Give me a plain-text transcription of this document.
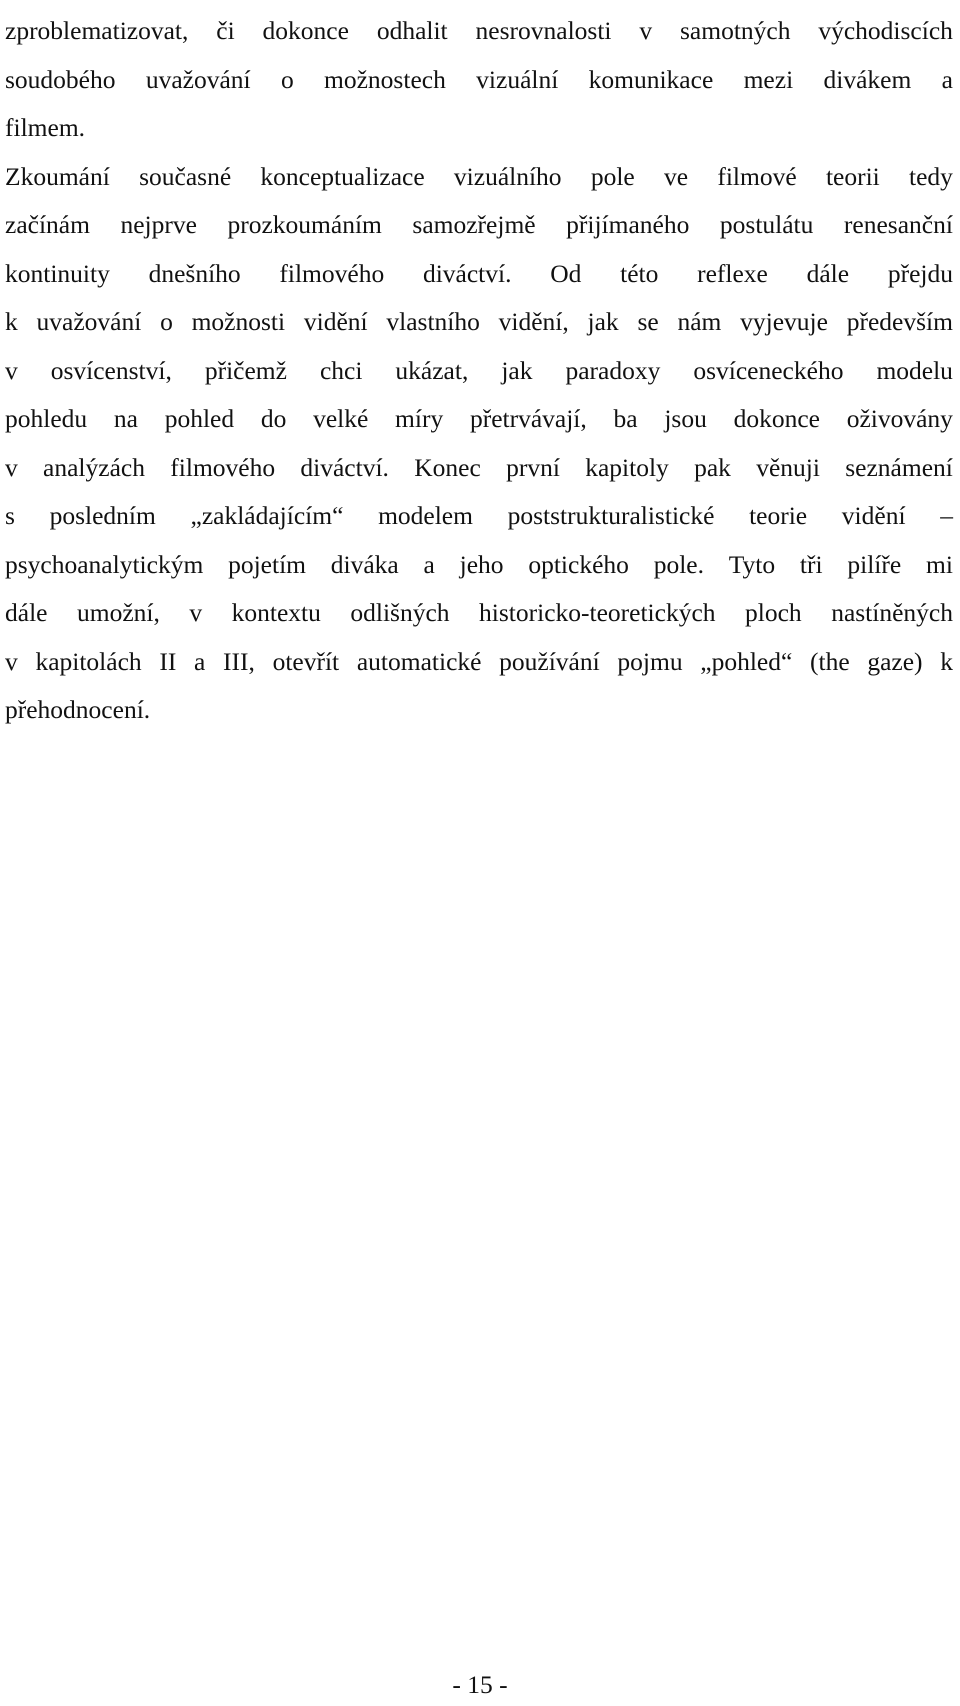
zproblematizovat, či dokonce odhalit nesrovnalosti v samotných východiscích
soudobého uvažování o možnostech vizuální komunikace mezi divákem a
filmem.
Zkoumání současné konceptualizace vizuálního pole ve filmové teorii tedy
začínám nejprve prozkoumáním samozřejmě přijímaného postulátu renesanční
kontinuity dnešního filmového diváctví. Od této reflexe dále přejdu
k uvažování o možnosti vidění vlastního vidění, jak se nám vyjevuje především
v osvícenství, přičemž chci ukázat, jak paradoxy osvíceneckého modelu
pohledu na pohled do velké míry přetrvávají, ba jsou dokonce oživovány
v analýzách filmového diváctví. Konec první kapitoly pak věnuji seznámení
s posledním „zakládajícím“ modelem poststrukturalistické teorie vidění –
psychoanalytickým pojetím diváka a jeho optického pole. Tyto tři pilíře mi
dále umožní, v kontextu odlišných historicko-teoretických ploch nastíněných
v kapitolách II a III, otevřít automatické používání pojmu „pohled“ (the gaze) k
přehodnocení.
- 15 -
